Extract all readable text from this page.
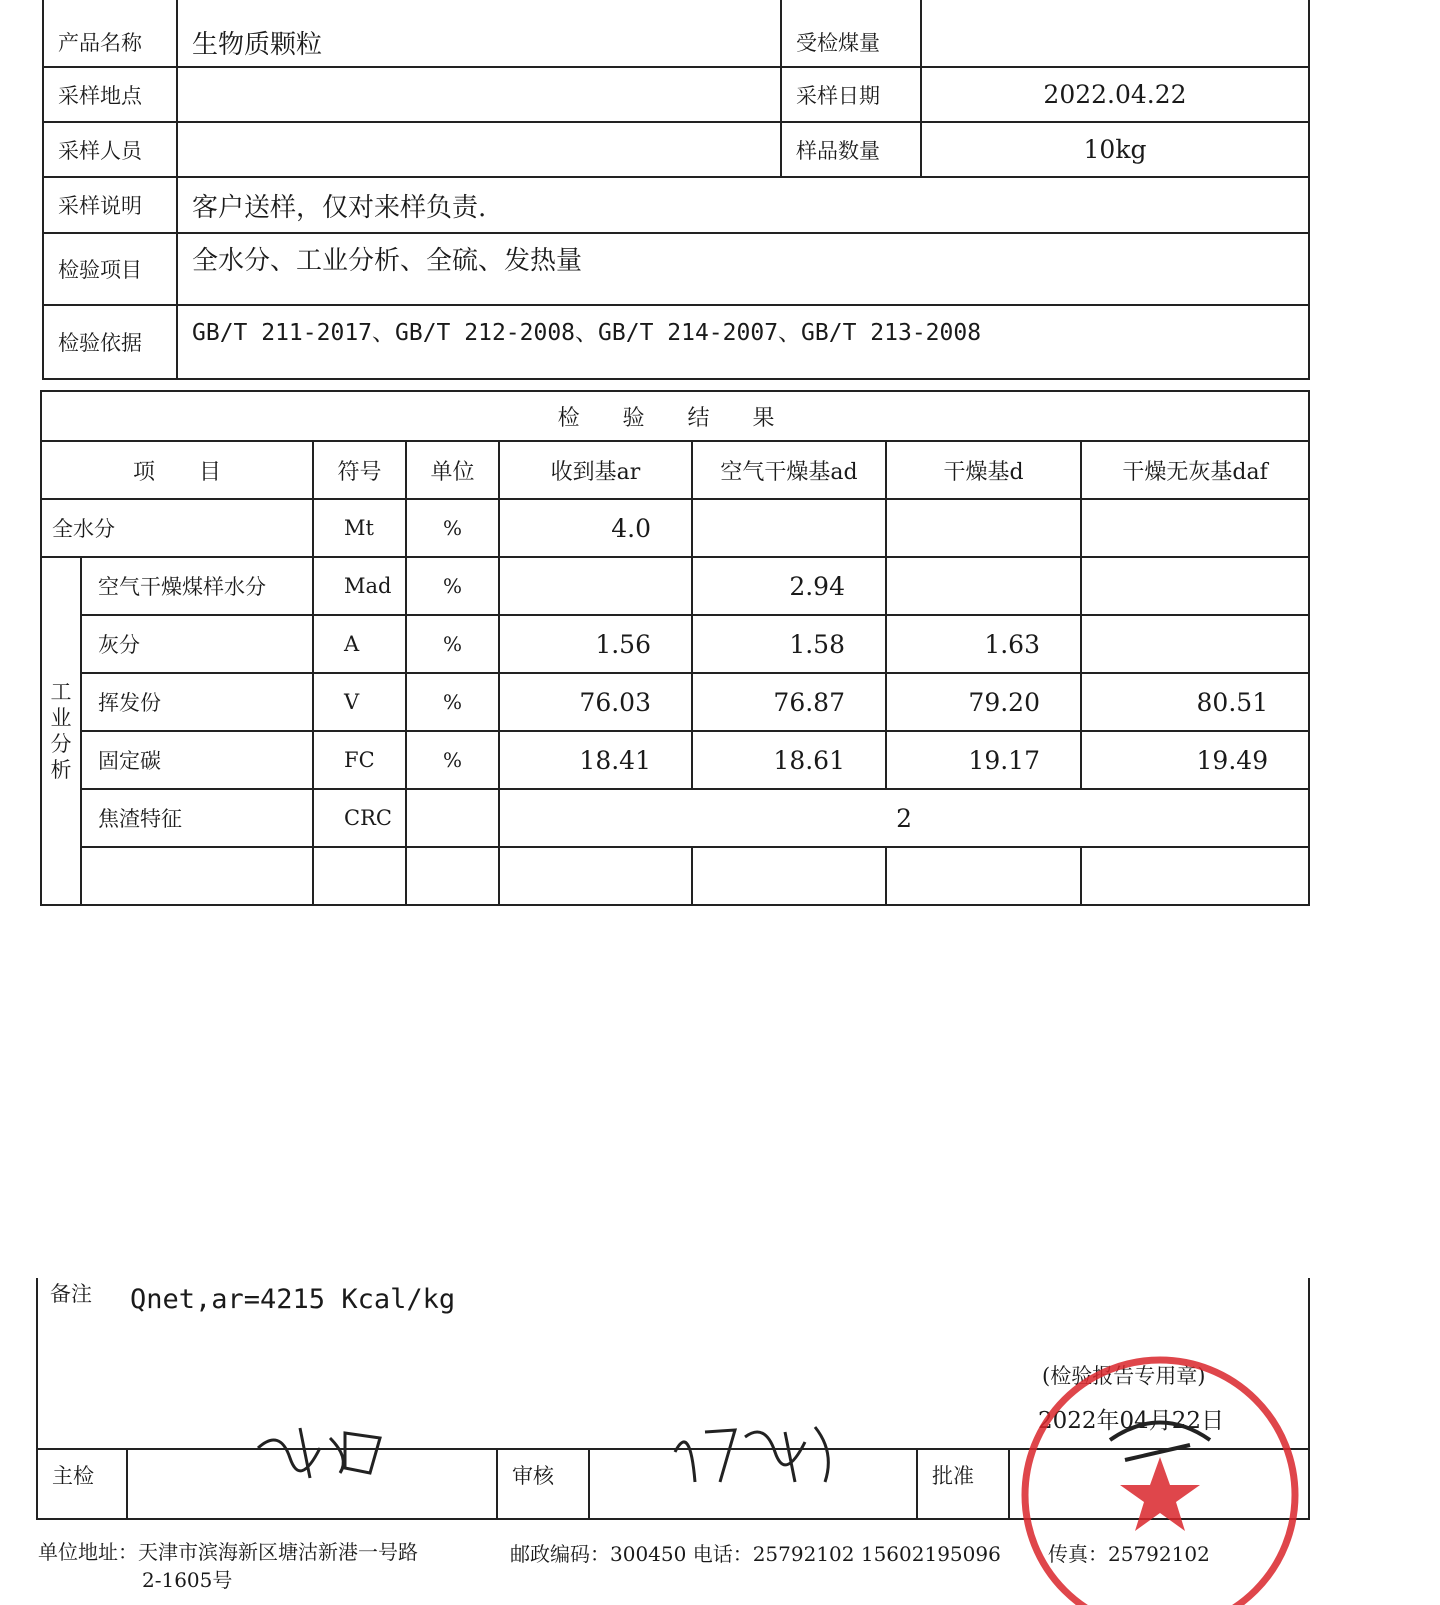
产品名称	生物质颗粒	受检煤量	
采样地点		采样日期	2022.04.22
采样人员		样品数量	10kg
采样说明	客户送样，仅对来样负责.		
检验项目	全水分、工业分析、全硫、发热量		
检验依据	GB/T 211-2017、GB/T 212-2008、GB/T 214-2007、GB/T 213-2008		
检 验 结 果							
项　　目		符号	单位	收到基ar	空气干燥基ad	干燥基d	干燥无灰基daf
全水分		Mt	%	4.0			

工
业
分
析	空气干燥煤样水分	Mad	%		2.94		
	灰分	A	%	1.56	1.58	1.63	
	挥发份	V	%	76.03	76.87	79.20	80.51
	固定碳	FC	%	18.41	18.61	19.17	19.49
	焦渣特征	CRC		2			

备注 Qnet,ar=4215 Kcal/kg
(检验报告专用章)
2022年04月22日
主检		审核		批准	
单位地址：天津市滨海新区塘沽新港一号路
2-1605号
邮政编码：300450 电话：25792102 15602195096 传真：25792102
